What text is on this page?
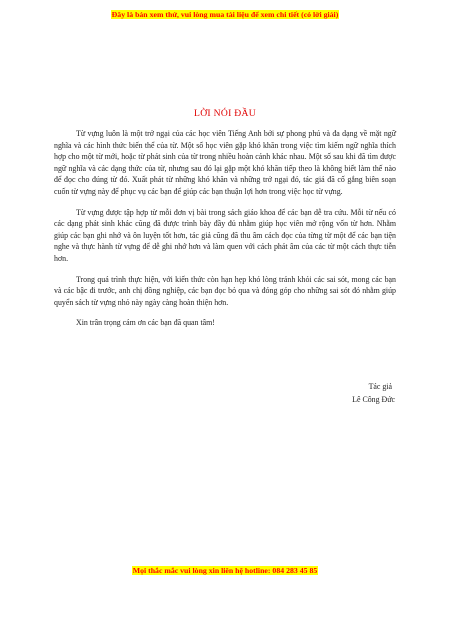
Đây là bản xem thử, vui lòng mua tài liệu để xem chi tiết (có lời giải)
LỜI NÓI ĐẦU

Từ vựng luôn là một trở ngại của các học viên Tiếng Anh bởi sự phong phú và đa dạng về mặt ngữ nghĩa và các hình thức biến thể của từ. Một số học viên gặp khó khăn trong việc tìm kiếm ngữ nghĩa thích hợp cho một từ mới, hoặc từ phát sinh của từ trong nhiều hoàn cảnh khác nhau. Một số sau khi đã tìm được ngữ nghĩa và các dạng thức của từ, nhưng sau đó lại gặp một khó khăn tiếp theo là không biết làm thế nào để đọc cho đúng từ đó. Xuất phát từ những khó khăn và những trở ngại đó, tác giả đã cố gắng biên soạn cuốn từ vựng này để phục vụ các bạn để giúp các bạn thuận lợi hơn trong việc học từ vựng.

Từ vựng được tập hợp từ mỗi đơn vị bài trong sách giáo khoa để các bạn dễ tra cứu. Mỗi từ nếu có các dạng phát sinh khác cũng đã được trình bày đầy đủ nhằm giúp học viên mở rộng vốn từ hơn. Nhằm giúp các bạn ghi nhớ và ôn luyện tốt hơn, tác giả cũng đã thu âm cách đọc của từng từ một để các bạn tiện nghe và thực hành từ vựng để dễ ghi nhớ hơn và làm quen với cách phát âm của các từ một cách thực tiễn hơn.

Trong quá trình thực hiện, với kiến thức còn hạn hẹp khó lòng tránh khỏi các sai sót, mong các bạn và các bậc đi trước, anh chị đồng nghiệp, các bạn đọc bỏ qua và đóng góp cho những sai sót đó nhằm giúp quyển sách từ vựng nhỏ này ngày càng hoàn thiện hơn.

Xin trân trọng cám ơn các bạn đã quan tâm!

Tác giả
Lê Công Đức
Mọi thắc mắc vui lòng xin liên hệ hotline: 084 283 45 85
